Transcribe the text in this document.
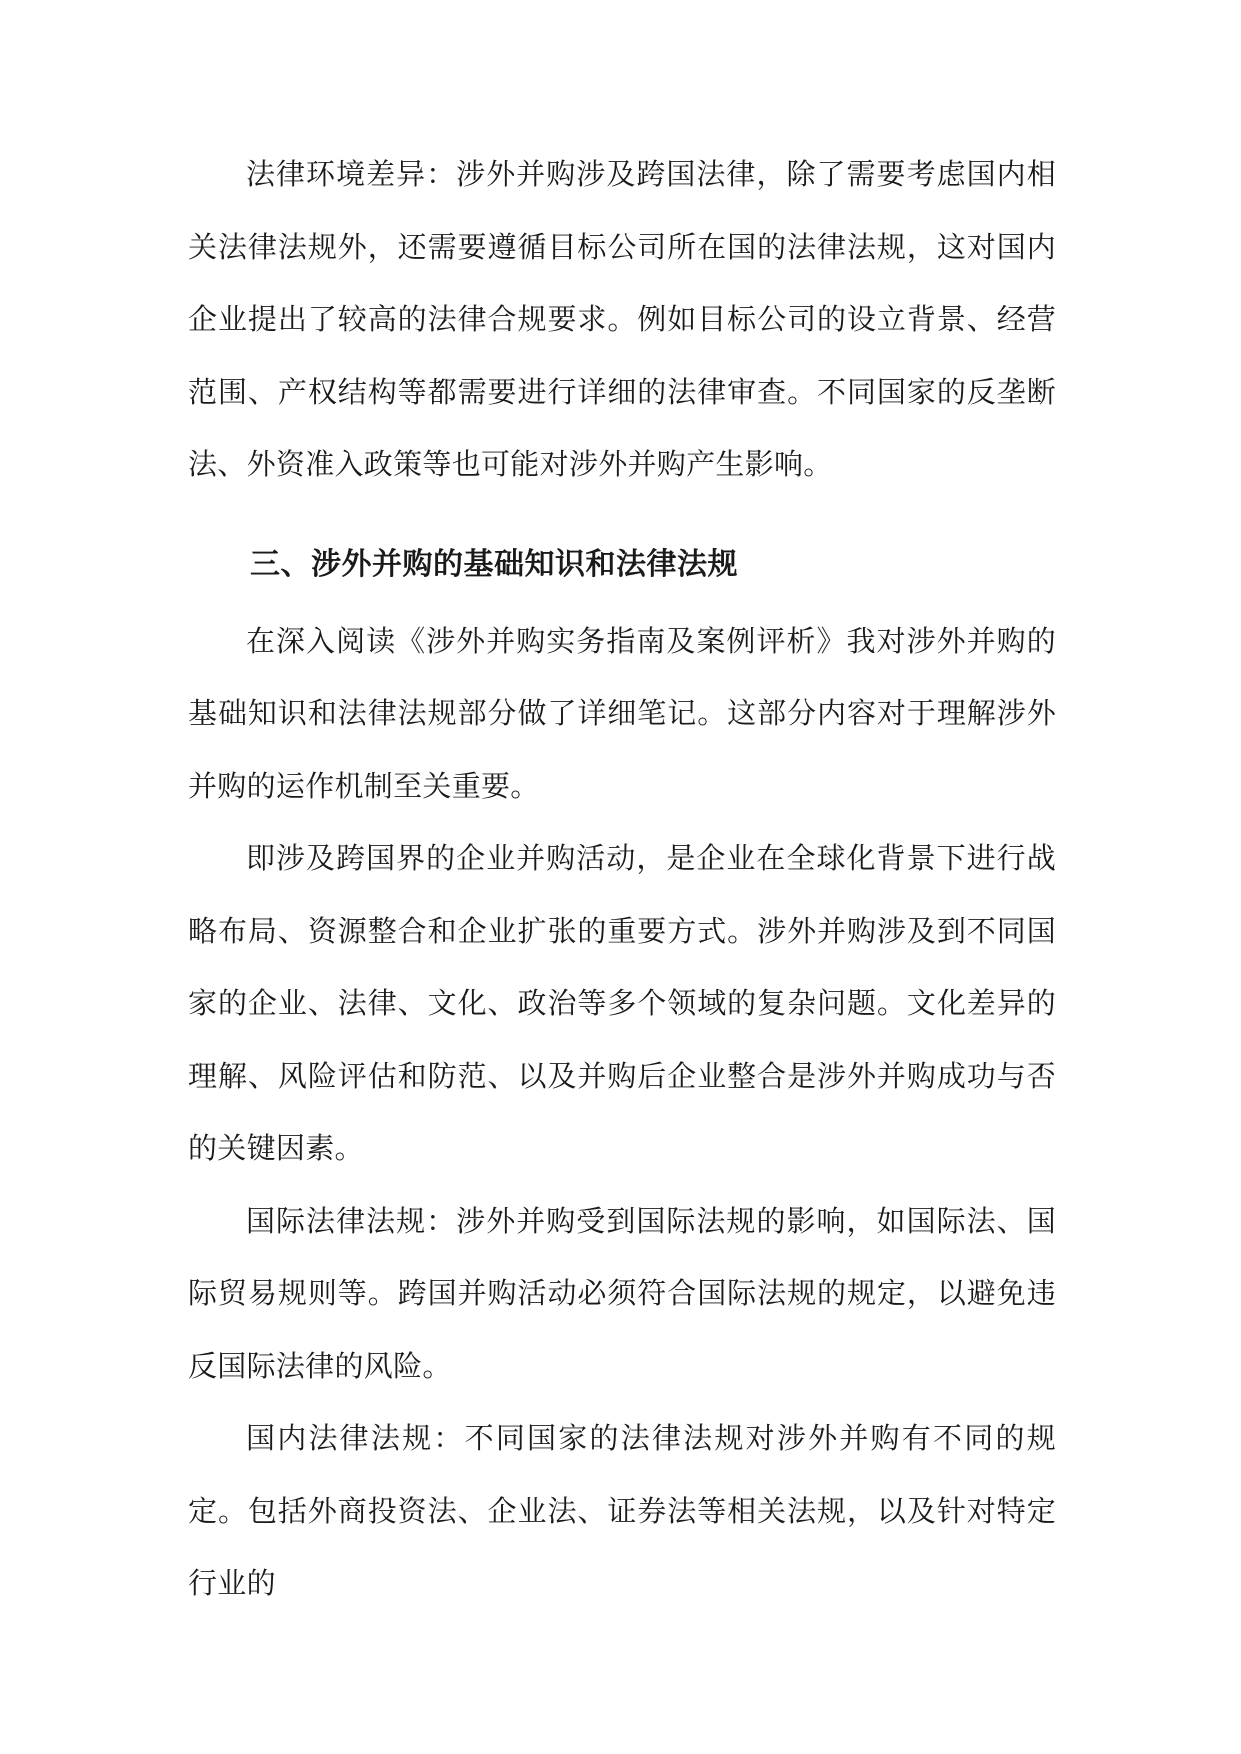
法律环境差异：涉外并购涉及跨国法律，除了需要考虑国内相关法律法规外，还需要遵循目标公司所在国的法律法规，这对国内企业提出了较高的法律合规要求。例如目标公司的设立背景、经营范围、产权结构等都需要进行详细的法律审查。不同国家的反垄断法、外资准入政策等也可能对涉外并购产生影响。

三、涉外并购的基础知识和法律法规

在深入阅读《涉外并购实务指南及案例评析》我对涉外并购的基础知识和法律法规部分做了详细笔记。这部分内容对于理解涉外并购的运作机制至关重要。

即涉及跨国界的企业并购活动，是企业在全球化背景下进行战略布局、资源整合和企业扩张的重要方式。涉外并购涉及到不同国家的企业、法律、文化、政治等多个领域的复杂问题。文化差异的理解、风险评估和防范、以及并购后企业整合是涉外并购成功与否的关键因素。

国际法律法规：涉外并购受到国际法规的影响，如国际法、国际贸易规则等。跨国并购活动必须符合国际法规的规定，以避免违反国际法律的风险。

国内法律法规：不同国家的法律法规对涉外并购有不同的规定。包括外商投资法、企业法、证券法等相关法规，以及针对特定行业的
